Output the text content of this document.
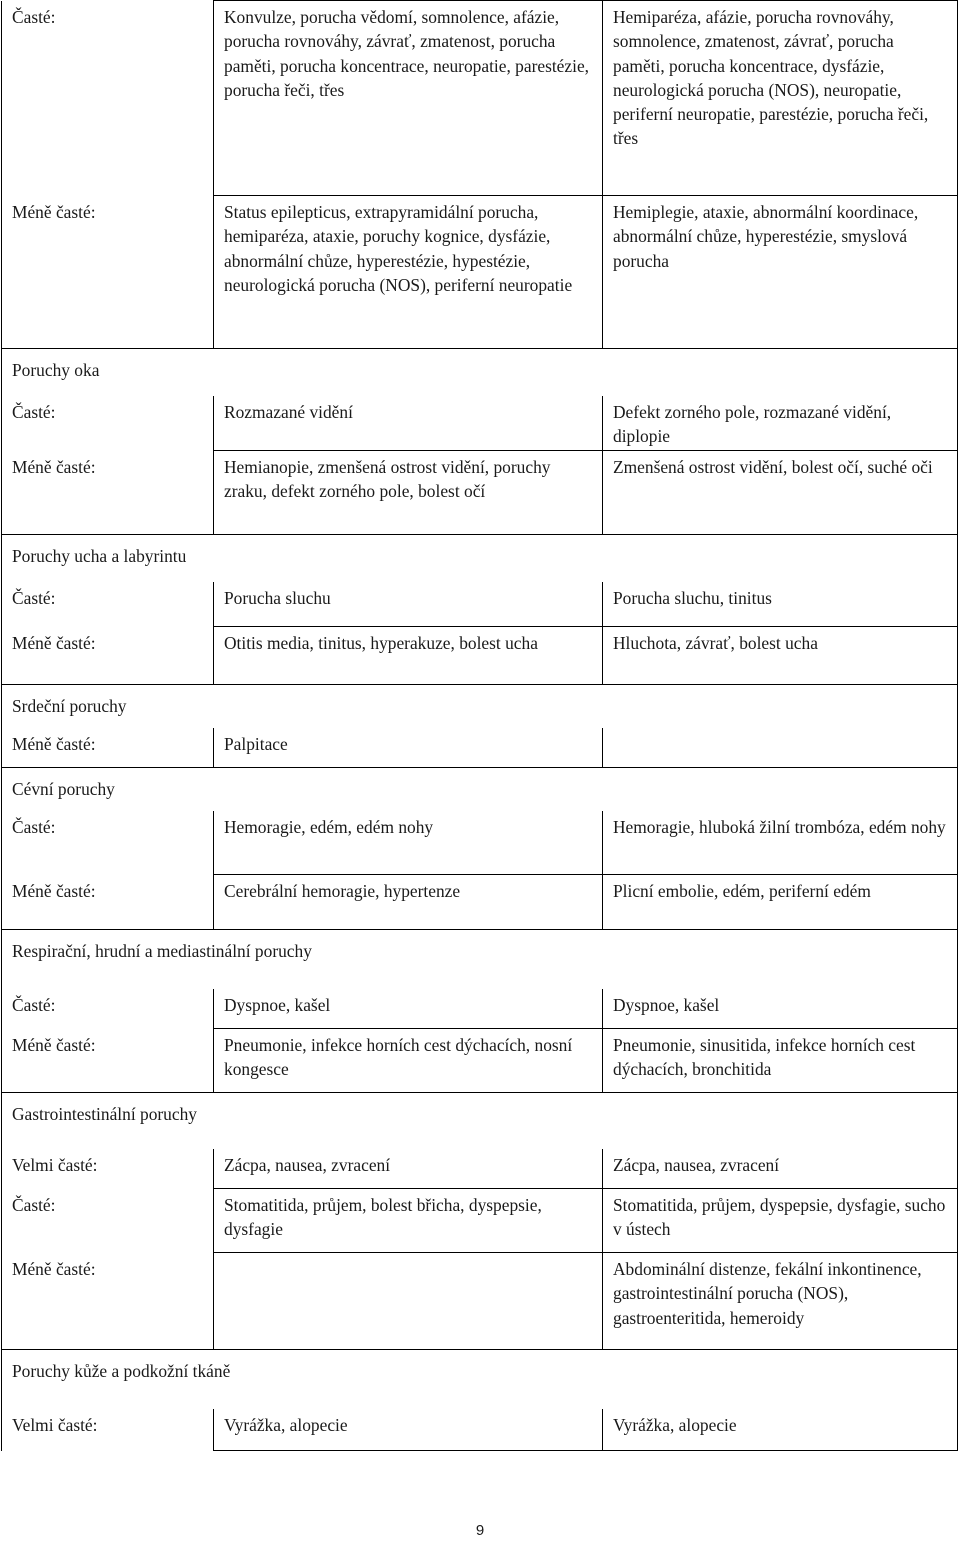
Časté:	Konvulze, porucha vědomí, somnolence, afázie, porucha rovnováhy, závrať, zmatenost, porucha paměti, porucha koncentrace, neuropatie, parestézie, porucha řeči, třes	Hemiparéza, afázie, porucha rovnováhy, somnolence, zmatenost, závrať, porucha paměti, porucha koncentrace, dysfázie, neurologická porucha (NOS), neuropatie, periferní neuropatie, parestézie, porucha řeči, třes
Méně časté:	Status epilepticus, extrapyramidální porucha, hemiparéza, ataxie, poruchy kognice, dysfázie, abnormální chůze, hyperestézie, hypestézie, neurologická porucha (NOS), periferní neuropatie	Hemiplegie, ataxie, abnormální koordinace, abnormální chůze, hyperestézie, smyslová porucha
Poruchy oka		
Časté:	Rozmazané vidění	Defekt zorného pole, rozmazané vidění, diplopie
Méně časté:	Hemianopie, zmenšená ostrost vidění, poruchy zraku, defekt zorného pole, bolest očí	Zmenšená ostrost vidění, bolest očí, suché oči
Poruchy ucha a labyrintu		
Časté:	Porucha sluchu	Porucha sluchu, tinitus
Méně časté:	Otitis media, tinitus, hyperakuze, bolest ucha	Hluchota, závrať, bolest ucha
Srdeční poruchy		
Méně časté:	Palpitace	
Cévní poruchy		
Časté:	Hemoragie, edém, edém nohy	Hemoragie, hluboká žilní trombóza, edém nohy
Méně časté:	Cerebrální hemoragie, hypertenze	Plicní embolie, edém, periferní edém
Respirační, hrudní a mediastinální poruchy		
Časté:	Dyspnoe, kašel	Dyspnoe, kašel
Méně časté:	Pneumonie, infekce horních cest dýchacích, nosní kongesce	Pneumonie, sinusitida, infekce horních cest dýchacích, bronchitida
Gastrointestinální poruchy		
Velmi časté:	Zácpa, nausea, zvracení	Zácpa, nausea, zvracení
Časté:	Stomatitida, průjem, bolest břicha, dyspepsie, dysfagie	Stomatitida, průjem, dyspepsie, dysfagie, sucho v ústech
Méně časté:		Abdominální distenze, fekální inkontinence, gastrointestinální porucha (NOS), gastroenteritida, hemeroidy
Poruchy kůže a podkožní tkáně		
Velmi časté:	Vyrážka, alopecie	Vyrážka, alopecie
9
